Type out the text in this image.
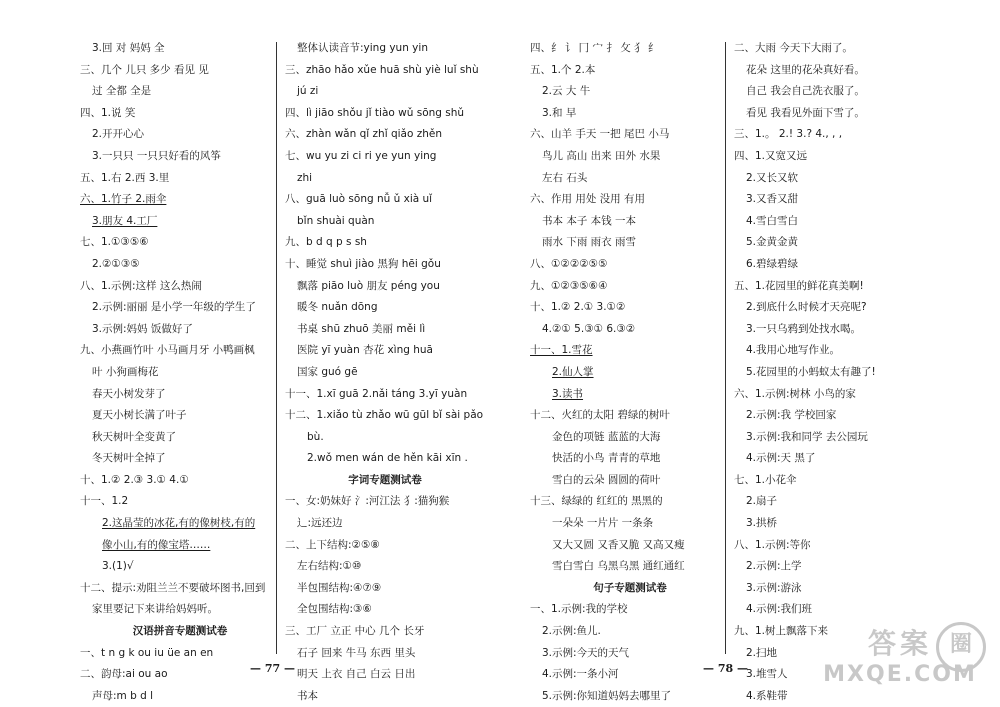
3.回 对 妈妈 全
三、几个 儿只 多少 看见 见
过 全都 全是
四、1.说 笑
2.开开心心
3.一只只 一只只好看的风筝
五、1.右 2.西 3.里
六、1.竹子 2.雨伞
3.朋友 4.工厂
七、1.①③⑤⑥
2.②①③⑤
八、1.示例:这样 这么热闹
2.示例:丽丽 是小学一年级的学生了
3.示例:妈妈 饭做好了
九、小燕画竹叶 小马画月牙 小鸭画枫
叶 小狗画梅花
春天小树发芽了
夏天小树长满了叶子
秋天树叶全变黄了
冬天树叶全掉了
十、1.② 2.③ 3.① 4.①
十一、1.2
2.这晶莹的冰花,有的像树枝,有的
像小山,有的像宝塔……
3.(1)√
十二、提示:劝阻兰兰不要破坏图书,回到
家里要记下来讲给妈妈听。
汉语拼音专题测试卷
一、t n g k ou iu üe an en
二、韵母:ai ou ao
声母:m b d l
整体认读音节:ying yun yin
三、zhāo hǎo xǔe huā shù yiè luǐ shù
jú zi
四、lì jiāo shǒu jǐ tiào wǔ sōng shǔ
六、zhàn wǎn qǐ zhǐ qiǎo zhěn
七、wu yu zi ci ri ye yun ying
zhi
八、guā luò sōng nǚ ǔ xià uǐ
bǐn shuài quàn
九、b d q p s sh
十、睡觉 shuì jiào 黑狗 hēi gǒu
飘落 piāo luò 朋友 péng you
暖冬 nuǎn dōng
书桌 shū zhuō 美丽 měi lì
医院 yī yuàn 杏花 xìng huā
国家 guó gē
十一、1.xī guā 2.nǎi táng 3.yī yuàn
十二、1.xiǎo tù zhǎo wū gūl bǐ sài pǎo
bù.
2.wǒ men wán de hěn kāi xīn .
字词专题测试卷
一、女:奶妹好 氵:河江法 犭:猫狗猴
辶:远还边
二、上下结构:②⑤⑧
左右结构:①⑩
半包围结构:④⑦⑨
全包围结构:③⑥
三、工厂 立正 中心 几个 长牙
石子 回来 牛马 东西 里头
明天 上衣 自己 白云 日出
书本
四、纟 讠 冂 宀 扌 攵 犭 纟
五、1.个 2.本
2.云 大 牛
3.和 早
六、山羊 手天 一把 尾巴 小马
鸟儿 高山 出来 田外 水果
左右 石头
六、作用 用处 没用 有用
书本 本子 本钱 一本
雨水 下雨 雨衣 雨雪
八、①②②②⑤⑤
九、①②③⑤⑥④
十、1.② 2.① 3.①②
4.②① 5.③① 6.③②
十一、1.雪花
2.仙人掌
3.读书
十二、火红的太阳 碧绿的树叶
金色的项链 蓝蓝的大海
快活的小鸟 青青的草地
雪白的云朵 圆圆的荷叶
十三、绿绿的 红红的 黑黑的
一朵朵 一片片 一条条
又大又圆 又香又脆 又高又瘦
雪白雪白 乌黑乌黑 通红通红
句子专题测试卷
一、1.示例:我的学校
2.示例:鱼儿.
3.示例:今天的天气
4.示例:一条小河
5.示例:你知道妈妈去哪里了
二、大雨 今天下大雨了。
花朵 这里的花朵真好看。
自己 我会自己洗衣服了。
看见 我看见外面下雪了。
三、1.。 2.! 3.? 4., , ,
四、1.又宽又远
2.又长又软
3.又香又甜
4.雪白雪白
5.金黄金黄
6.碧绿碧绿
五、1.花园里的鲜花真美啊!
2.到底什么时候才天亮呢?
3.一只乌鸦到处找水喝。
4.我用心地写作业。
5.花园里的小蚂蚁太有趣了!
六、1.示例:树林 小鸟的家
2.示例:我 学校回家
3.示例:我和同学 去公园玩
4.示例:天 黑了
七、1.小花伞
2.扇子
3.拱桥
八、1.示例:等你
2.示例:上学
3.示例:游泳
4.示例:我们班
九、1.树上飘落下来
2.扫地
3.堆雪人
4.系鞋带
— 77 —	— 78 —
答案 圈
MXQE.COM
